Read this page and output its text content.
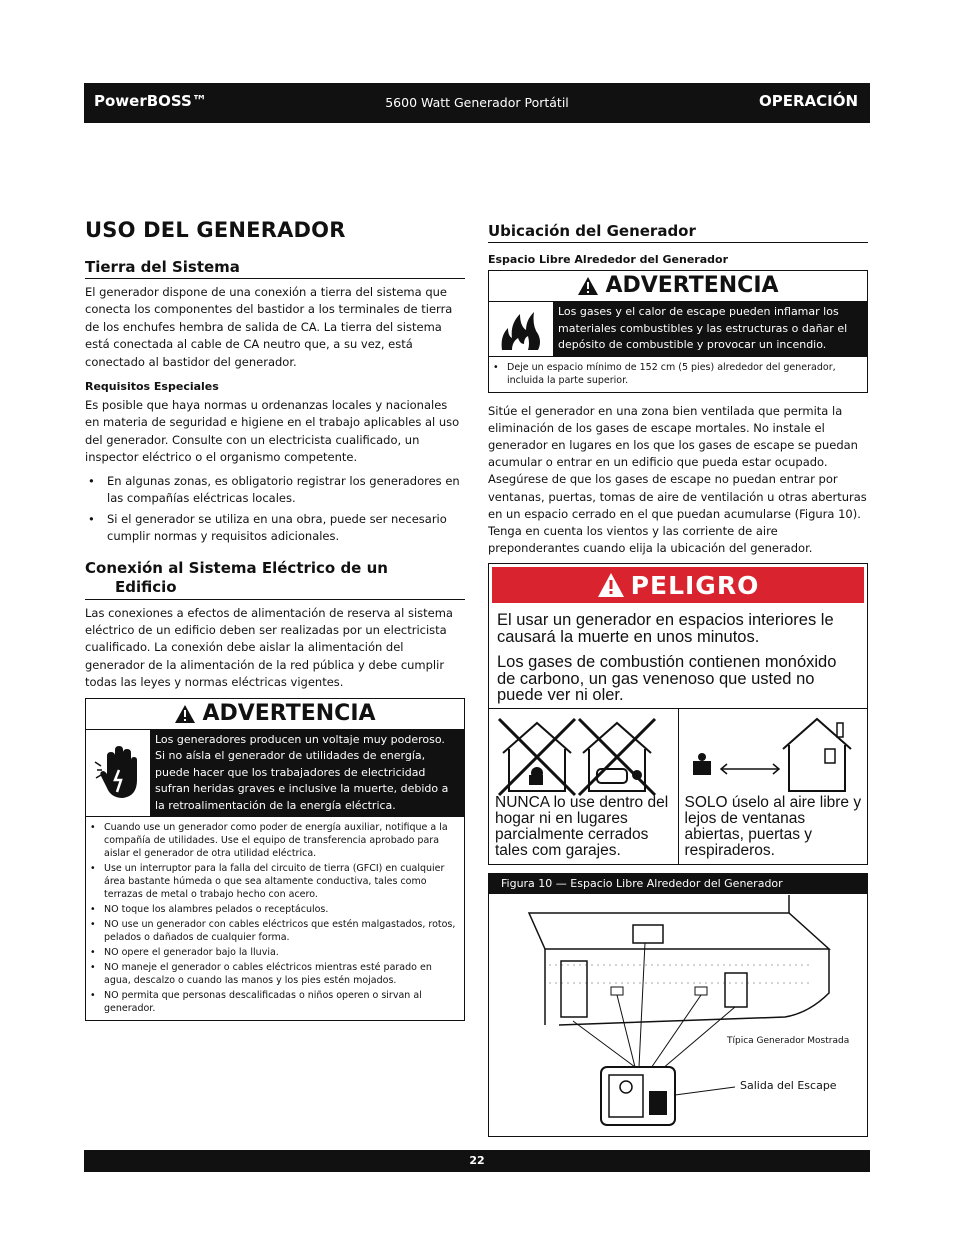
PowerBOSS™	5600 Watt Generador Portátil	OPERACIÓN
USO DEL GENERADOR
Tierra del Sistema

El generador dispone de una conexión a tierra del sistema que conecta los componentes del bastidor a los terminales de tierra de los enchufes hembra de salida de CA. La tierra del sistema está conectada al cable de CA neutro que, a su vez, está conectado al bastidor del generador.

Requisitos Especiales

Es posible que haya normas u ordenanzas locales y nacionales en materia de seguridad e higiene en el trabajo aplicables al uso del generador. Consulte con un electricista cualificado, un inspector eléctrico o el organismo competente.

• En algunas zonas, es obligatorio registrar los generadores en las compañías eléctricas locales.
• Si el generador se utiliza en una obra, puede ser necesario cumplir normas y requisitos adicionales.
Conexión al Sistema Eléctrico de un
Edificio

Las conexiones a efectos de alimentación de reserva al sistema eléctrico de un edificio deben ser realizadas por un electricista cualificado. La conexión debe aislar la alimentación del generador de la alimentación de la red pública y debe cumplir todas las leyes y normas eléctricas vigentes.

ADVERTENCIA
Los generadores producen un voltaje muy poderoso.
Si no aísla el generador de utilidades de energía, puede hacer que los trabajadores de electricidad sufran heridas graves e inclusive la muerte, debido a la retroalimentación de la energía eléctrica.
• Cuando use un generador como poder de energía auxiliar, notifique a la compañía de utilidades. Use el equipo de transferencia aprobado para aislar el generador de otra utilidad eléctrica.
• Use un interruptor para la falla del circuito de tierra (GFCI) en cualquier área bastante húmeda o que sea altamente conductiva, tales como terrazas de metal o trabajo hecho con acero.
• NO toque los alambres pelados o receptáculos.
• NO use un generador con cables eléctricos que estén malgastados, rotos, pelados o dañados de cualquier forma.
• NO opere el generador bajo la lluvia.
• NO maneje el generador o cables eléctricos mientras esté parado en agua, descalzo o cuando las manos y los pies estén mojados.
• NO permita que personas descalificadas o niños operen o sirvan al generador.
Ubicación del Generador
Espacio Libre Alrededor del Generador
ADVERTENCIA
Los gases y el calor de escape pueden inflamar los materiales combustibles y las estructuras o dañar el depósito de combustible y provocar un incendio.
• Deje un espacio mínimo de 152 cm (5 pies) alrededor del generador, incluida la parte superior.

Sitúe el generador en una zona bien ventilada que permita la eliminación de los gases de escape mortales. No instale el generador en lugares en los que los gases de escape se puedan acumular o entrar en un edificio que pueda estar ocupado. Asegúrese de que los gases de escape no puedan entrar por ventanas, puertas, tomas de aire de ventilación u otras aberturas en un espacio cerrado en el que puedan acumularse (Figura 10). Tenga en cuenta los vientos y las corriente de aire preponderantes cuando elija la ubicación del generador.

PELIGRO
El usar un generador en espacios interiores le causará la muerte en unos minutos.
Los gases de combustión contienen monóxido de carbono, un gas venenoso que usted no puede ver ni oler.
NUNCA lo use dentro del hogar ni en lugares parcialmente cerrados tales com garajes.
SOLO úselo al aire libre y lejos de ventanas abiertas, puertas y respiraderos.
Figura 10 — Espacio Libre Alrededor del Generador
Típica Generador Mostrada
Salida del Escape
22
